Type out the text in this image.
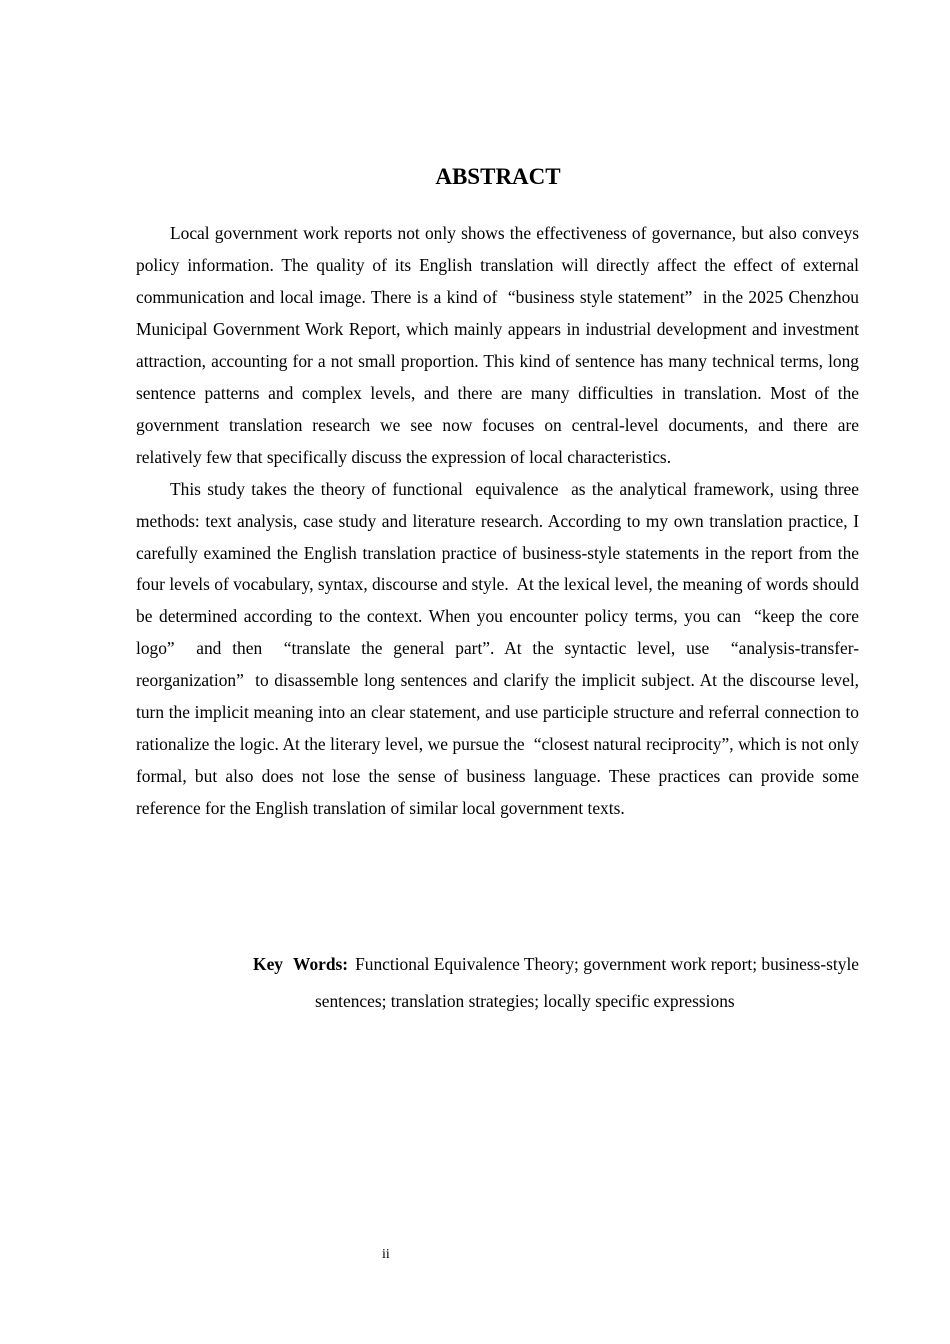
ABSTRACT

Local government work reports not only shows the effectiveness of governance, but also conveys policy information. The quality of its English translation will directly affect the effect of external communication and local image. There is a kind of  “business style statement”  in the 2025 Chenzhou Municipal Government Work Report, which mainly appears in industrial development and investment attraction, accounting for a not small proportion. This kind of sentence has many technical terms, long sentence patterns and complex levels, and there are many difficulties in translation. Most of the government translation research we see now focuses on central-level documents, and there are relatively few that specifically discuss the expression of local characteristics.

This study takes the theory of functional  equivalence  as the analytical framework, using three methods: text analysis, case study and literature research. According to my own translation practice, I carefully examined the English translation practice of business-style statements in the report from the four levels of vocabulary, syntax, discourse and style.  At the lexical level, the meaning of words should be determined according to the context. When you encounter policy terms, you can  “keep the core logo”  and then  “translate the general part”. At the syntactic level, use  “analysis-transfer-reorganization”  to disassemble long sentences and clarify the implicit subject. At the discourse level, turn the implicit meaning into an clear statement, and use participle structure and referral connection to rationalize the logic. At the literary level, we pursue the  “closest natural reciprocity”, which is not only formal, but also does not lose the sense of business language. These practices can provide some reference for the English translation of similar local government texts.

Key Words: Functional Equivalence Theory; government work report; business-style
sentences; translation strategies; locally specific expressions
ii
